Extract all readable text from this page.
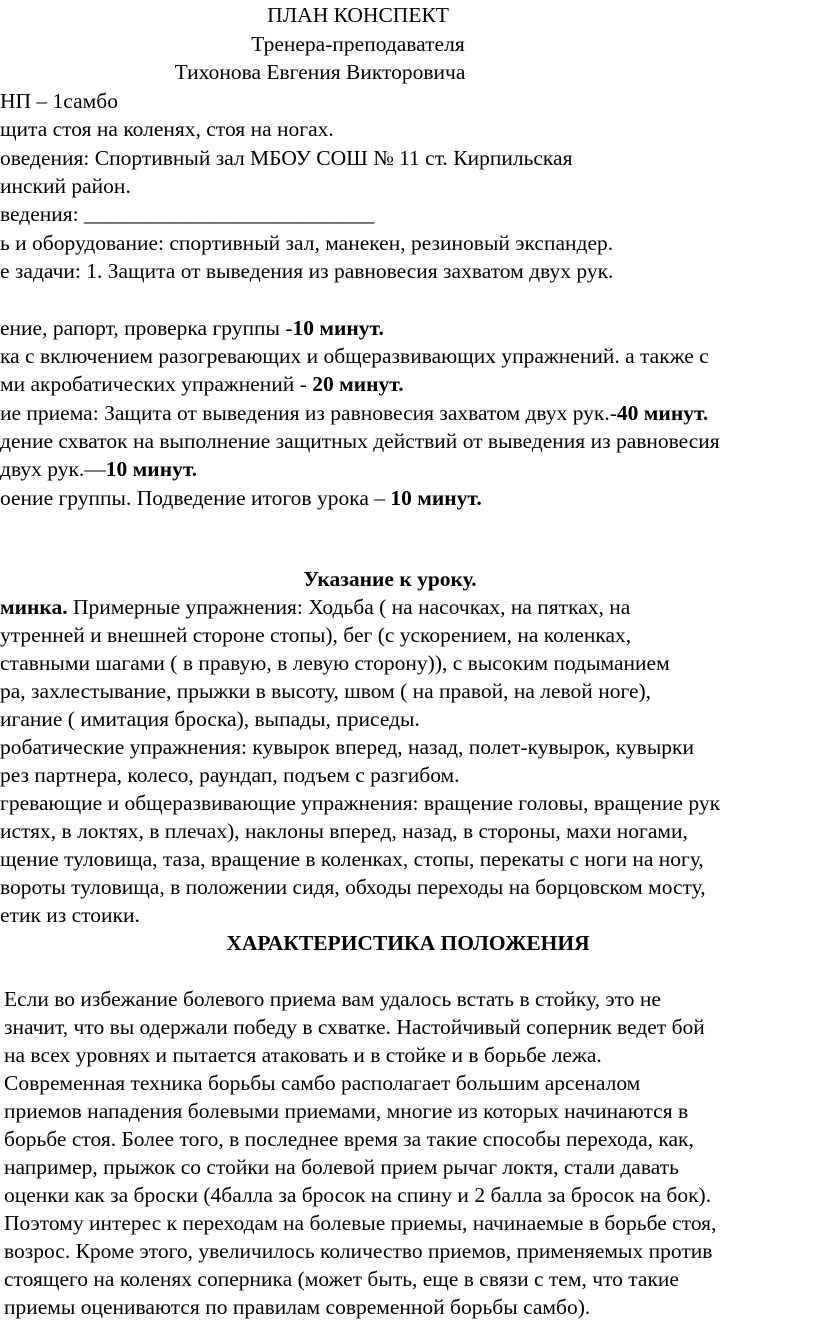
ПЛАН КОНСПЕКТ
Тренера-преподавателя
Тихонова Евгения Викторовича
НП – 1самбо
щита стоя на коленях, стоя на ногах.
оведения: Спортивный зал МБОУ СОШ № 11 ст. Кирпильская
инский район.
ведения: ___________________________
ь и оборудование: спортивный зал, манекен, резиновый экспандер.
е задачи: 1. Защита от выведения из равновесия захватом двух рук.
ение, рапорт, проверка группы -10 минут.
ка с включением разогревающих и общеразвивающих упражнений. а также с
ми акробатических упражнений - 20 минут.
ие приема: Защита от выведения из равновесия захватом двух рук.-40 минут.
дение схваток на выполнение защитных действий от выведения из равновесия
двух рук.—10 минут.
оение группы. Подведение итогов урока – 10 минут.
Указание к уроку.
минка. Примерные упражнения: Ходьба ( на насочках, на пятках, на
утренней и внешней стороне стопы), бег (с ускорением, на коленках,
ставными шагами ( в правую, в левую сторону)), с высоким подыманием
ра, захлестывание, прыжки в высоту, швом ( на правой, на левой ноге),
игание ( имитация броска), выпады, приседы.
робатические упражнения: кувырок вперед, назад, полет-кувырок, кувырки
рез партнера, колесо, раундап, подъем с разгибом.
гревающие и общеразвивающие упражнения: вращение головы, вращение рук
истях, в локтях, в плечах), наклоны вперед, назад, в стороны, махи ногами,
щение туловища, таза, вращение в коленках, стопы, перекаты с ноги на ногу,
вороты туловища, в положении сидя, обходы переходы на борцовском мосту,
етик из стоики.
ХАРАКТЕРИСТИКА ПОЛОЖЕНИЯ
Если во избежание болевого приема вам удалось встать в стойку, это не
значит, что вы одержали победу в схватке. Настойчивый соперник ведет бой
на всех уровнях и пытается атаковать и в стойке и в борьбе лежа.
Современная техника борьбы самбо располагает большим арсеналом
приемов нападения болевыми приемами, многие из которых начинаются в
борьбе стоя. Более того, в последнее время за такие способы перехода, как,
например, прыжок со стойки на болевой прием рычаг локтя, стали давать
оценки как за броски (4балла за бросок на спину и 2 балла за бросок на бок).
Поэтому интерес к переходам на болевые приемы, начинаемые в борьбе стоя,
возрос. Кроме этого, увеличилось количество приемов, применяемых против
стоящего на коленях соперника (может быть, еще в связи с тем, что такие
приемы оцениваются по правилам современной борьбы самбо).
